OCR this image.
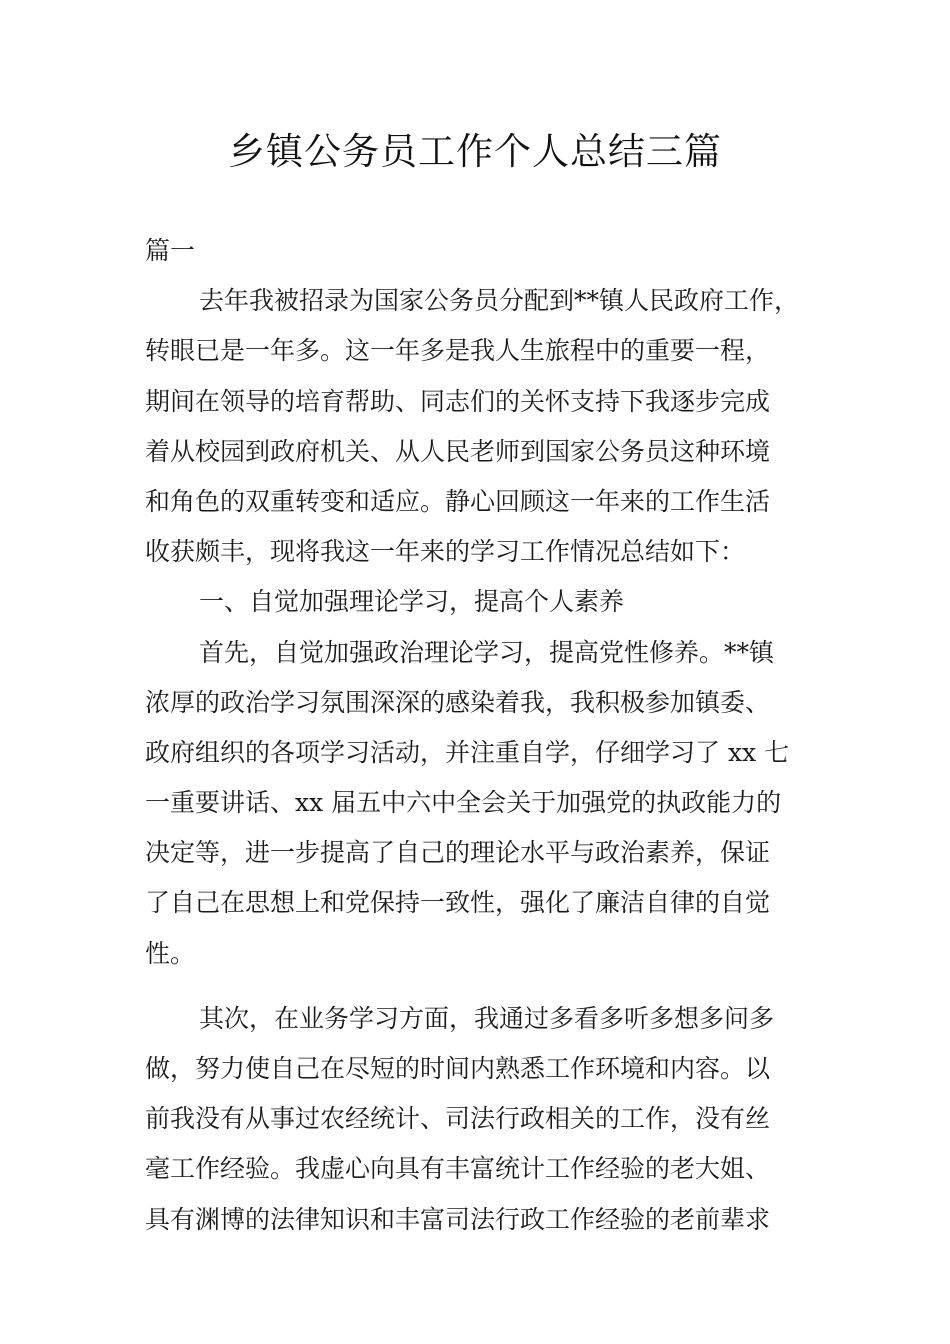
乡镇公务员工作个人总结三篇
篇一
去年我被招录为国家公务员分配到**镇人民政府工作，
转眼已是一年多。这一年多是我人生旅程中的重要一程，
期间在领导的培育帮助、同志们的关怀支持下我逐步完成
着从校园到政府机关、从人民老师到国家公务员这种环境
和角色的双重转变和适应。静心回顾这一年来的工作生活
收获颇丰，现将我这一年来的学习工作情况总结如下：
一、自觉加强理论学习，提高个人素养
首先，自觉加强政治理论学习，提高党性修养。**镇
浓厚的政治学习氛围深深的感染着我，我积极参加镇委、
政府组织的各项学习活动，并注重自学，仔细学习了 xx 七
一重要讲话、xx 届五中六中全会关于加强党的执政能力的
决定等，进一步提高了自己的理论水平与政治素养，保证
了自己在思想上和党保持一致性，强化了廉洁自律的自觉
性。
其次，在业务学习方面，我通过多看多听多想多问多
做，努力使自己在尽短的时间内熟悉工作环境和内容。以
前我没有从事过农经统计、司法行政相关的工作，没有丝
毫工作经验。我虚心向具有丰富统计工作经验的老大姐、
具有渊博的法律知识和丰富司法行政工作经验的老前辈求
